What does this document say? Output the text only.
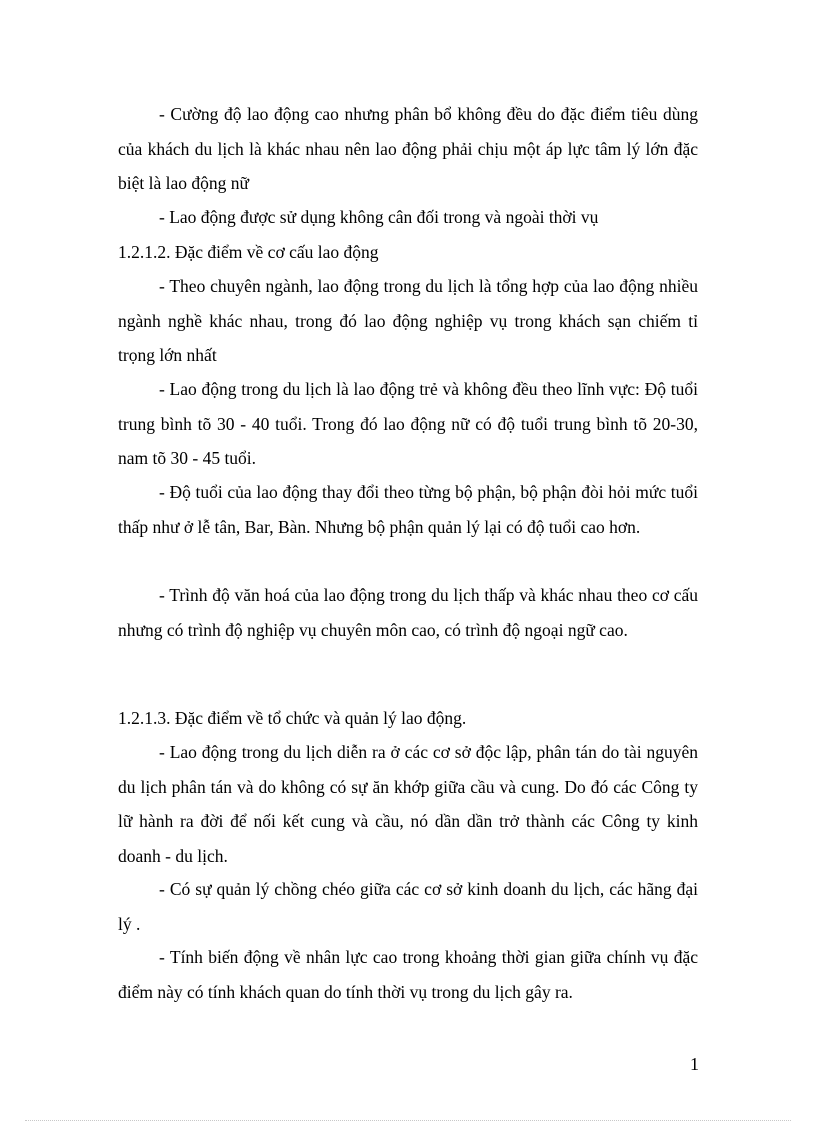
- Cường độ lao động cao nhưng phân bổ không đều do đặc điểm tiêu dùng của khách du lịch là khác nhau nên lao động phải chịu một áp lực tâm lý lớn đặc biệt là lao động nữ

- Lao động được sử dụng không cân đối trong và ngoài thời vụ

1.2.1.2. Đặc điểm về cơ cấu lao động

- Theo chuyên ngành, lao động trong du lịch là tổng hợp của lao động nhiều ngành nghề khác nhau, trong đó lao động nghiệp vụ trong khách sạn chiếm tỉ trọng lớn nhất

- Lao động trong du lịch là lao động trẻ và không đều theo lĩnh vực: Độ tuổi trung bình tõ 30 - 40 tuổi. Trong đó lao động nữ có độ tuổi trung bình tõ 20-30, nam tõ 30 - 45 tuổi.

- Độ tuổi của lao động thay đổi theo từng bộ phận, bộ phận đòi hỏi mức tuổi thấp như ở lễ tân, Bar, Bàn. Nhưng bộ phận quản lý lại có độ tuổi cao hơn.

- Trình độ văn hoá của lao động trong du lịch thấp và khác nhau theo cơ cấu nhưng có trình độ nghiệp vụ chuyên môn cao, có trình độ ngoại ngữ cao.

1.2.1.3. Đặc điểm về tổ chức và quản lý lao động.

- Lao động trong du lịch diễn ra ở các cơ sở độc lập, phân tán do tài nguyên du lịch phân tán và do không có sự ăn khớp giữa cầu và cung. Do đó các Công ty lữ hành ra đời để nối kết cung và cầu, nó dần dần trở thành các Công ty kinh doanh - du lịch.

- Có sự quản lý chồng chéo giữa các cơ sở kinh doanh du lịch, các hãng đại lý .

- Tính biến động về nhân lực cao trong khoảng thời gian giữa chính vụ đặc điểm này có tính khách quan do tính thời vụ trong du lịch gây ra.

1
